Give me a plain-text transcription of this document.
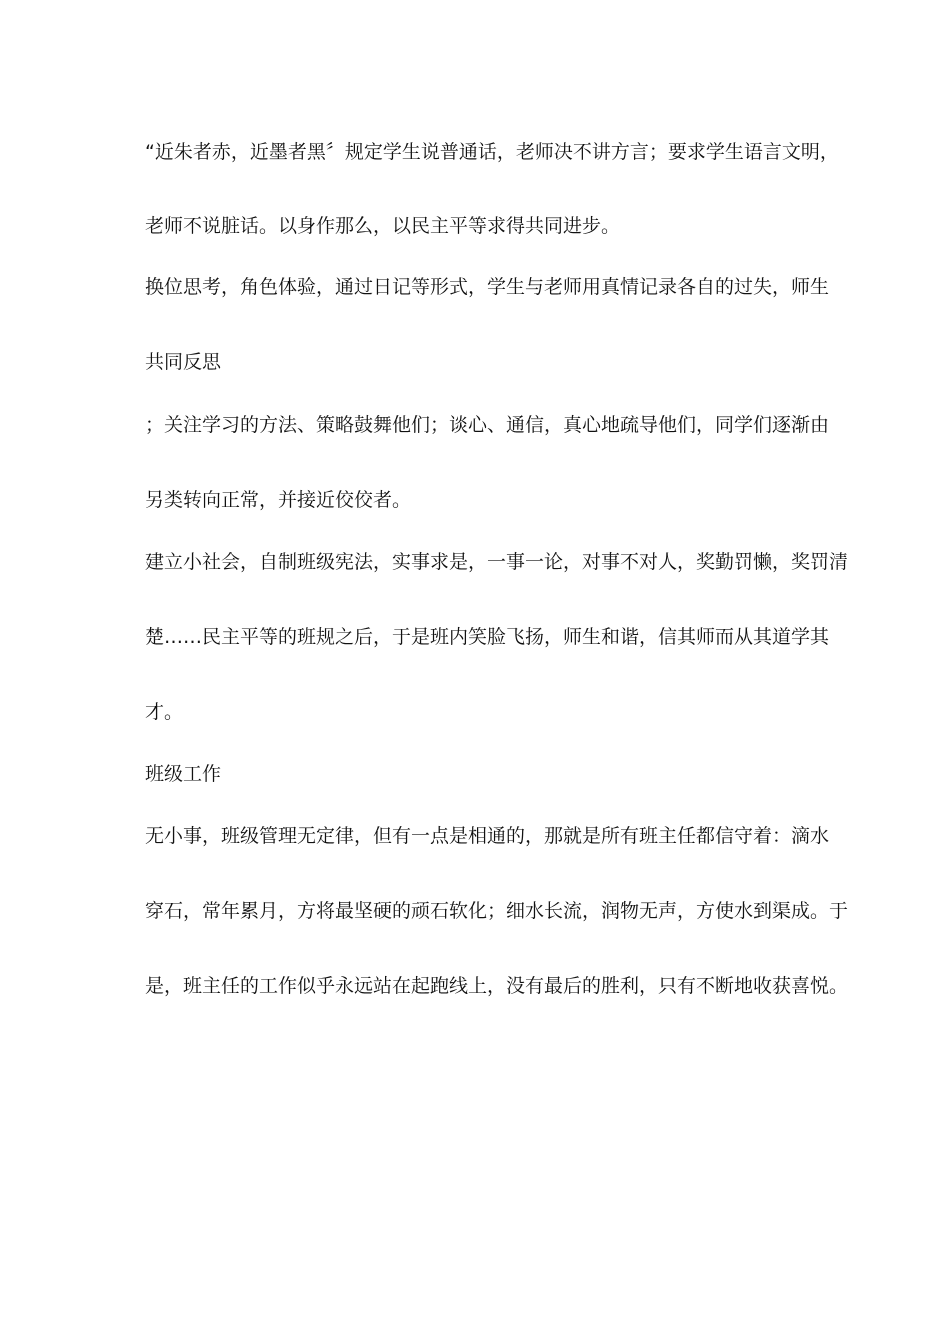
“近朱者赤，近墨者黑〞规定学生说普通话，老师决不讲方言；要求学生语言文明，
老师不说脏话。以身作那么，以民主平等求得共同进步。
换位思考，角色体验，通过日记等形式，学生与老师用真情记录各自的过失，师生
共同反思
；关注学习的方法、策略鼓舞他们；谈心、通信，真心地疏导他们，同学们逐渐由
另类转向正常，并接近佼佼者。
建立小社会，自制班级宪法，实事求是，一事一论，对事不对人，奖勤罚懒，奖罚清
楚……民主平等的班规之后，于是班内笑脸飞扬，师生和谐，信其师而从其道学其
才。
班级工作
无小事，班级管理无定律，但有一点是相通的，那就是所有班主任都信守着：滴水
穿石，常年累月，方将最坚硬的顽石软化；细水长流，润物无声，方使水到渠成。于
是，班主任的工作似乎永远站在起跑线上，没有最后的胜利，只有不断地收获喜悦。
